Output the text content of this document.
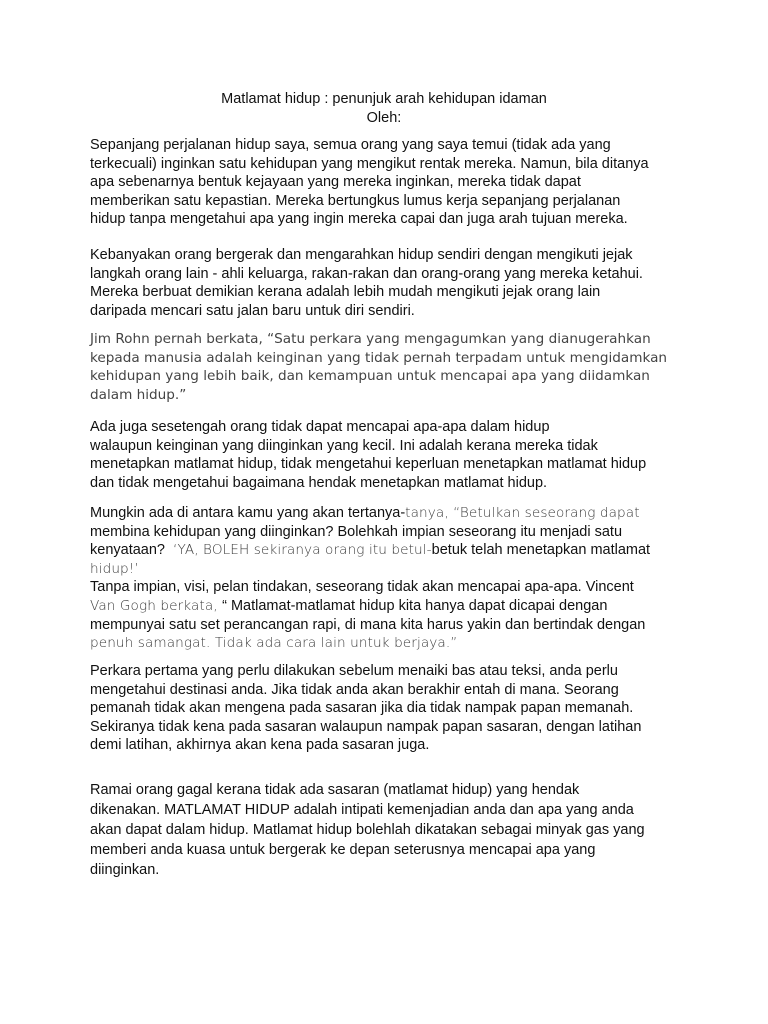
Matlamat hidup : penunjuk arah kehidupan idaman
Oleh:
Sepanjang perjalanan hidup saya, semua orang yang saya temui (tidak ada yang
terkecuali) inginkan satu kehidupan yang mengikut rentak mereka. Namun, bila ditanya
apa sebenarnya bentuk kejayaan yang mereka inginkan, mereka tidak dapat
memberikan satu kepastian. Mereka bertungkus lumus kerja sepanjang perjalanan
hidup tanpa mengetahui apa yang ingin mereka capai dan juga arah tujuan mereka.
Kebanyakan orang bergerak dan mengarahkan hidup sendiri dengan mengikuti jejak
langkah orang lain - ahli keluarga, rakan-rakan dan orang-orang yang mereka ketahui.
Mereka berbuat demikian kerana adalah lebih mudah mengikuti jejak orang lain
daripada mencari satu jalan baru untuk diri sendiri.
Jim Rohn pernah berkata, “Satu perkara yang mengagumkan yang dianugerahkan
kepada manusia adalah keinginan yang tidak pernah terpadam untuk mengidamkan
kehidupan yang lebih baik, dan kemampuan untuk mencapai apa yang diidamkan
dalam hidup.”
Ada juga sesetengah orang tidak dapat mencapai apa-apa dalam hidup
walaupun keinginan yang diinginkan yang kecil. Ini adalah kerana mereka tidak
menetapkan matlamat hidup, tidak mengetahui keperluan menetapkan matlamat hidup
dan tidak mengetahui bagaimana hendak menetapkan matlamat hidup.
Mungkin ada di antara kamu yang akan tertanya-tanya, “Betulkan seseorang dapat
membina kehidupan yang diinginkan? Bolehkah impian seseorang itu menjadi satu
kenyataan?  ‘YA, BOLEH sekiranya orang itu betul-betuk telah menetapkan matlamat
hidup!’
Tanpa impian, visi, pelan tindakan, seseorang tidak akan mencapai apa-apa. Vincent
Van Gogh berkata, “ Matlamat-matlamat hidup kita hanya dapat dicapai dengan
mempunyai satu set perancangan rapi, di mana kita harus yakin dan bertindak dengan
penuh samangat. Tidak ada cara lain untuk berjaya.”
Perkara pertama yang perlu dilakukan sebelum menaiki bas atau teksi, anda perlu
mengetahui destinasi anda. Jika tidak anda akan berakhir entah di mana. Seorang
pemanah tidak akan mengena pada sasaran jika dia tidak nampak papan memanah.
Sekiranya tidak kena pada sasaran walaupun nampak papan sasaran, dengan latihan
demi latihan, akhirnya akan kena pada sasaran juga.
Ramai orang gagal kerana tidak ada sasaran (matlamat hidup) yang hendak
dikenakan. MATLAMAT HIDUP adalah intipati kemenjadian anda dan apa yang anda
akan dapat dalam hidup. Matlamat hidup bolehlah dikatakan sebagai minyak gas yang
memberi anda kuasa untuk bergerak ke depan seterusnya mencapai apa yang
diinginkan.
